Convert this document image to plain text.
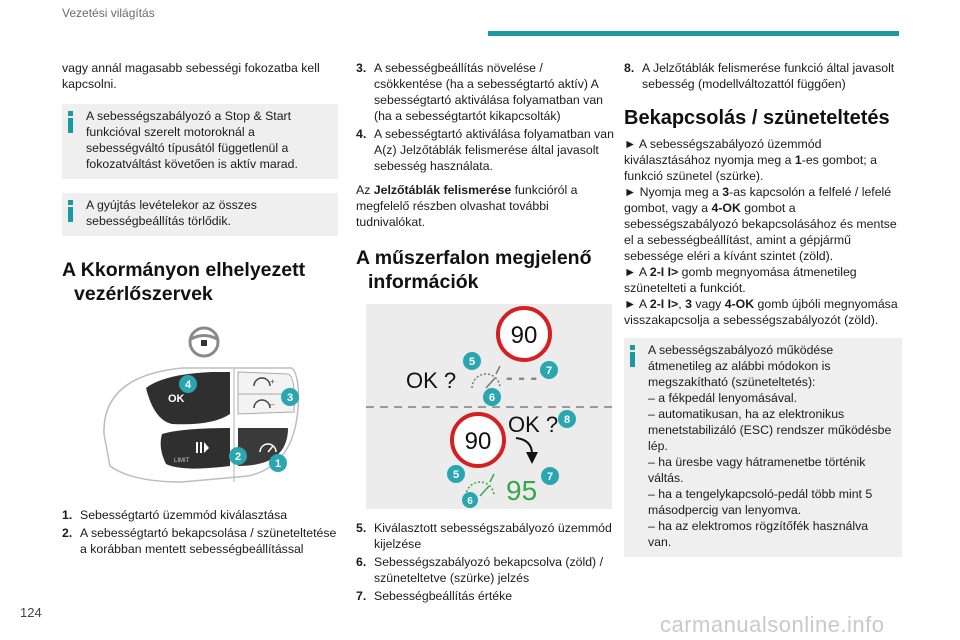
Vezetési világítás

vagy annál magasabb sebességi fokozatba kell kapcsolni.

A sebességszabályozó a Stop & Start funkcióval szerelt motoroknál a sebességváltó típusától függetlenül a fokozatváltást követően is aktív marad.
A gyújtás levételekor az összes sebességbeállítás törlődik.
A Kkormányon elhelyezett
vezérlőszervek
OK
LIMIT
+
–
4
3
2
1
1. Sebességtartó üzemmód kiválasztása
2. A sebességtartó bekapcsolása / szüneteltetése a korábban mentett sebességbeállítással
3. A sebességbeállítás növelése / csökkentése (ha a sebességtartó aktív) A sebességtartó aktiválása folyamatban van (ha a sebességtartót kikapcsolták)
4. A sebességtartó aktiválása folyamatban van A(z) Jelzőtáblák felismerése által javasolt sebesség használata.

Az Jelzőtáblák felismerése funkcióról a megfelelő részben olvashat további tudnivalókat.

A műszerfalon megjelenő
információk
90
OK ? - - -
5
6
7
90
OK ? 8
95
5	7
6
5. Kiválasztott sebességszabályozó üzemmód kijelzése
6. Sebességszabályozó bekapcsolva (zöld) / szüneteltetve (szürke) jelzés
7. Sebességbeállítás értéke
8. A Jelzőtáblák felismerése funkció által javasolt sebesség (modellváltozattól függően)
Bekapcsolás / szüneteltetés

► A sebességszabályozó üzemmód kiválasztásához nyomja meg a 1-es gombot; a funkció szünetel (szürke).

► Nyomja meg a 3-as kapcsolón a felfelé / lefelé gombot, vagy a 4-OK gombot a sebességszabályozó bekapcsolásához és mentse el a sebességbeállítást, amint a gépjármű sebessége eléri a kívánt szintet (zöld).

► A 2-I I> gomb megnyomása átmenetileg szünetelteti a funkciót.

► A 2-I I>, 3 vagy 4-OK gomb újbóli megnyomása visszakapcsolja a sebességszabályozót (zöld).

A sebességszabályozó működése átmenetileg az alábbi módokon is megszakítható (szüneteltetés):
– a fékpedál lenyomásával.
– automatikusan, ha az elektronikus menetstabilizáló (ESC) rendszer működésbe lép.
– ha üresbe vagy hátramenetbe történik váltás.
– ha a tengelykapcsoló-pedál több mint 5 másodpercig van lenyomva.
– ha az elektromos rögzítőfék használva van.
124	carmanualsonline.info
